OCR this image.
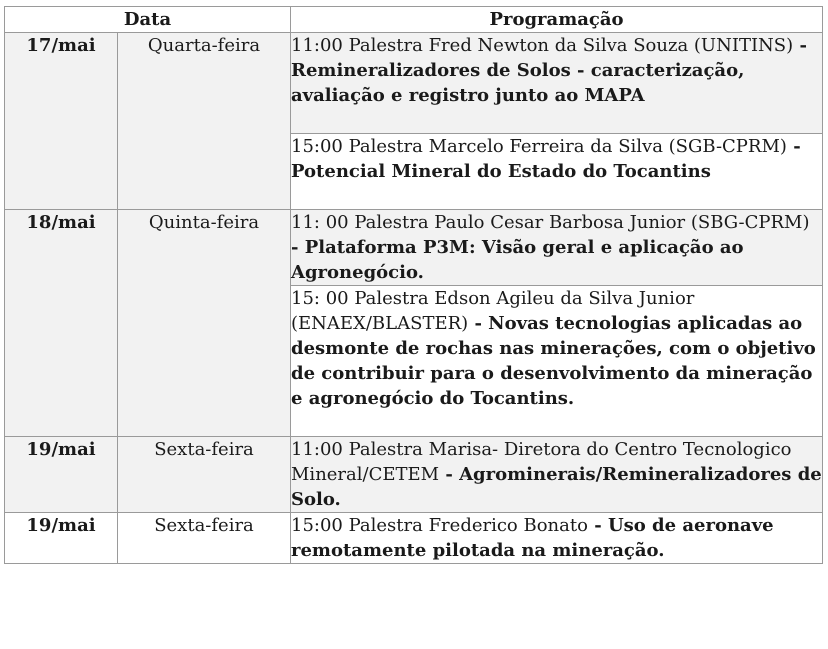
Data		Programação
17/mai	Quarta-feira	11:00 Palestra Fred Newton da Silva Souza (UNITINS) - Remineralizadores de Solos - caracterização, avaliação e registro junto ao MAPA
		15:00 Palestra Marcelo Ferreira da Silva (SGB-CPRM) - Potencial Mineral do Estado do Tocantins
18/mai	Quinta-feira	11: 00 Palestra Paulo Cesar Barbosa Junior (SBG-CPRM) - Plataforma P3M: Visão geral e aplicação ao Agronegócio.
		15: 00 Palestra Edson Agileu da Silva Junior (ENAEX/BLASTER) - Novas tecnologias aplicadas ao desmonte de rochas nas minerações, com o objetivo de contribuir para o desenvolvimento da mineração e agronegócio do Tocantins.
19/mai	Sexta-feira	11:00 Palestra Marisa- Diretora do Centro Tecnologico Mineral/CETEM - Agrominerais/Remineralizadores de Solo.
19/mai	Sexta-feira	15:00 Palestra Frederico Bonato - Uso de aeronave remotamente pilotada na mineração.
